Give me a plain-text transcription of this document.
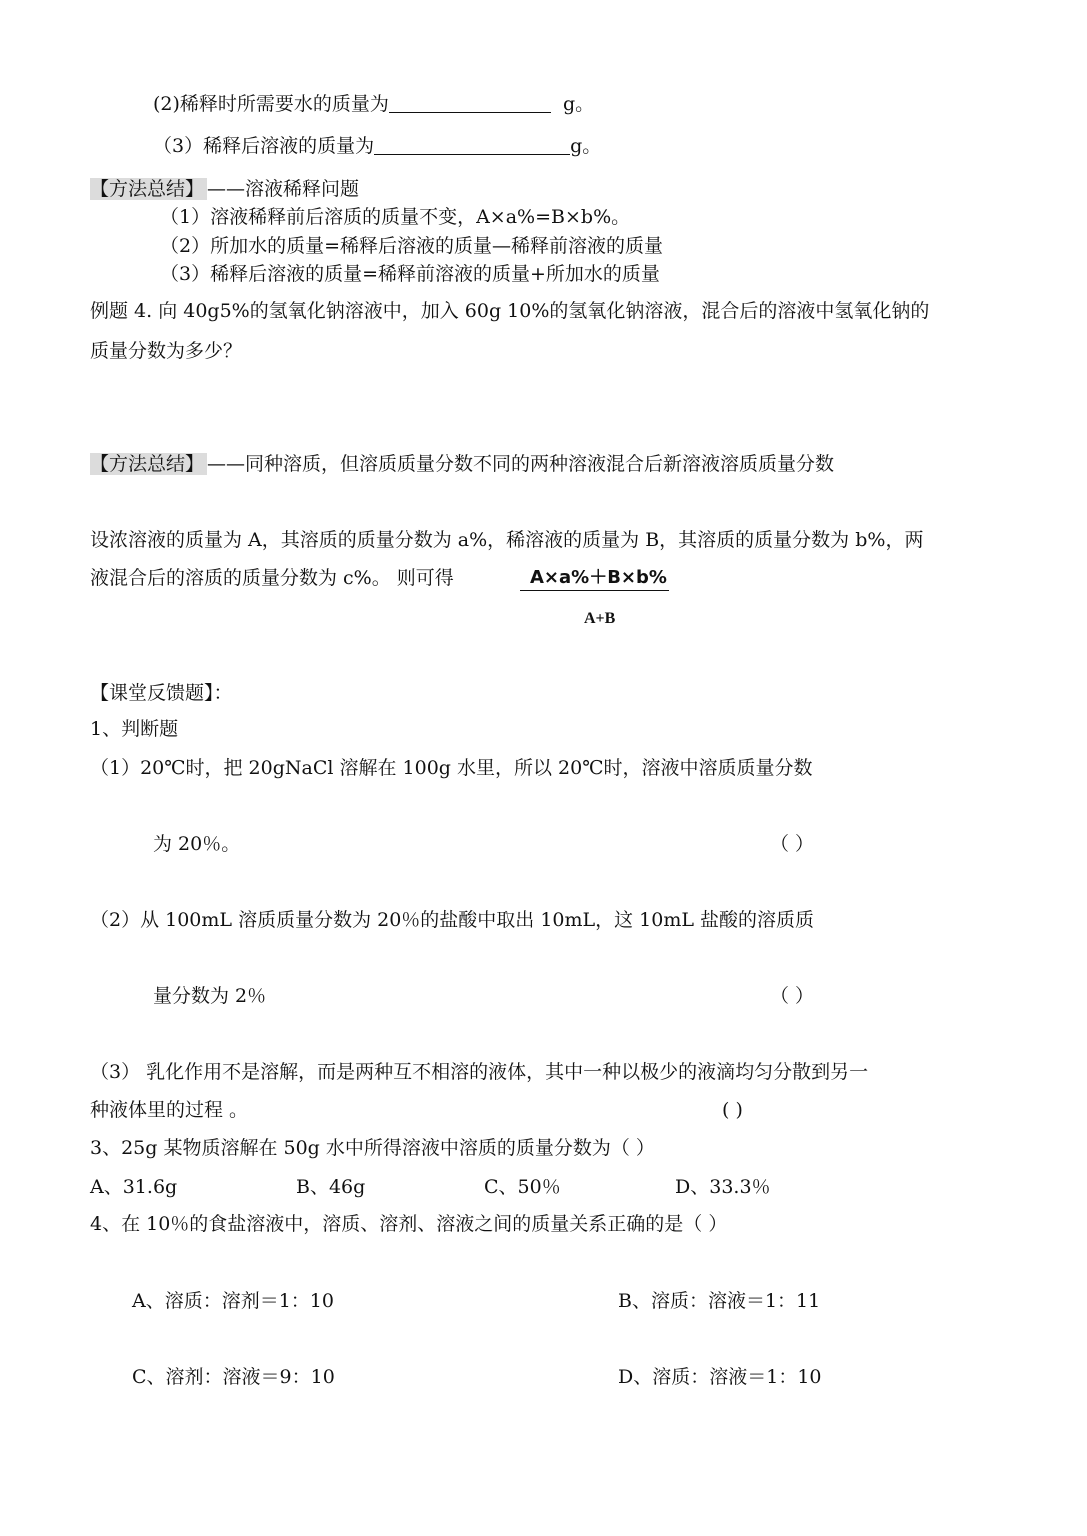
(2)稀释时所需要水的质量为	g。
（3）稀释后溶液的质量为	g。
【方法总结】 ——溶液稀释问题
（1）溶液稀释前后溶质的质量不变，A×a%=B×b%。
（2）所加水的质量=稀释后溶液的质量—稀释前溶液的质量
（3）稀释后溶液的质量=稀释前溶液的质量+所加水的质量
例题 4. 向 40g5%的氢氧化钠溶液中，加入 60g 10%的氢氧化钠溶液，混合后的溶液中氢氧化钠的
质量分数为多少？
【方法总结】 ——同种溶质，但溶质质量分数不同的两种溶液混合后新溶液溶质质量分数
设浓溶液的质量为 A，其溶质的质量分数为 a%，稀溶液的质量为 B，其溶质的质量分数为 b%，两
液混合后的溶质的质量分数为 c%。 则可得	A×a%＋B×b%
A+B
【课堂反馈题】：
1、判断题
（1）20℃时，把 20gNaCl 溶解在 100g 水里，所以 20℃时，溶液中溶质质量分数
为 20％。	（ ）
（2）从 100mL 溶质质量分数为 20％的盐酸中取出 10mL，这 10mL 盐酸的溶质质
量分数为 2％	（ ）
（3） 乳化作用不是溶解，而是两种互不相溶的液体，其中一种以极少的液滴均匀分散到另一
种液体里的过程 。	( )
3、25g 某物质溶解在 50g 水中所得溶液中溶质的质量分数为（ ）
A、31.6g	B、46g	C、50％	D、33.3％
4、在 10％的食盐溶液中，溶质、溶剂、溶液之间的质量关系正确的是（ ）
A、溶质：溶剂＝1：10	B、溶质：溶液＝1：11
C、溶剂：溶液＝9：10	D、溶质：溶液＝1：10
